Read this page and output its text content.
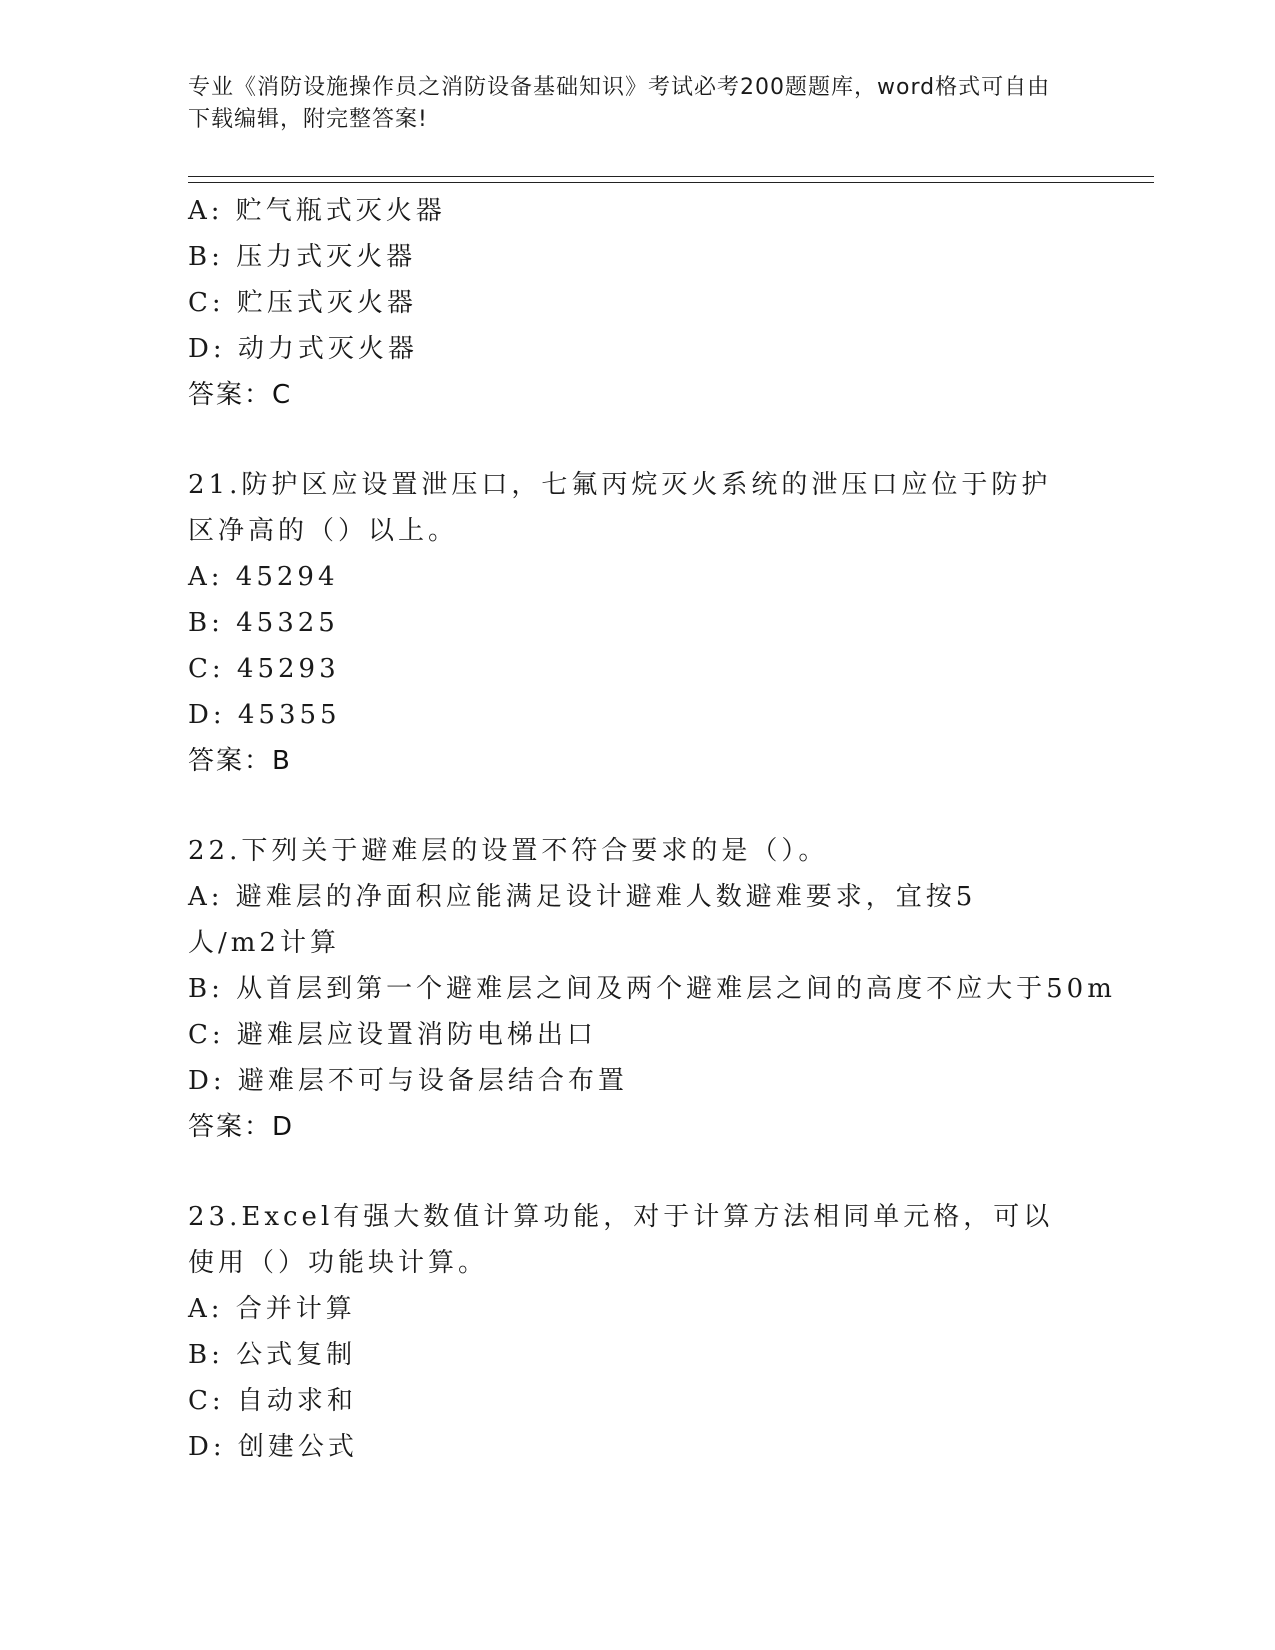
专业《消防设施操作员之消防设备基础知识》考试必考200题题库，word格式可自由下载编辑，附完整答案!
A: 贮气瓶式灭火器
B: 压力式灭火器
C: 贮压式灭火器
D: 动力式灭火器
答案：C
21.防护区应设置泄压口，七氟丙烷灭火系统的泄压口应位于防护区净高的（）以上。
A: 45294
B: 45325
C: 45293
D: 45355
答案：B
22.下列关于避难层的设置不符合要求的是（）。
A: 避难层的净面积应能满足设计避难人数避难要求，宜按5人/m2计算
B: 从首层到第一个避难层之间及两个避难层之间的高度不应大于50m
C: 避难层应设置消防电梯出口
D: 避难层不可与设备层结合布置
答案：D
23.Excel有强大数值计算功能，对于计算方法相同单元格，可以使用（）功能块计算。
A: 合并计算
B: 公式复制
C: 自动求和
D: 创建公式
